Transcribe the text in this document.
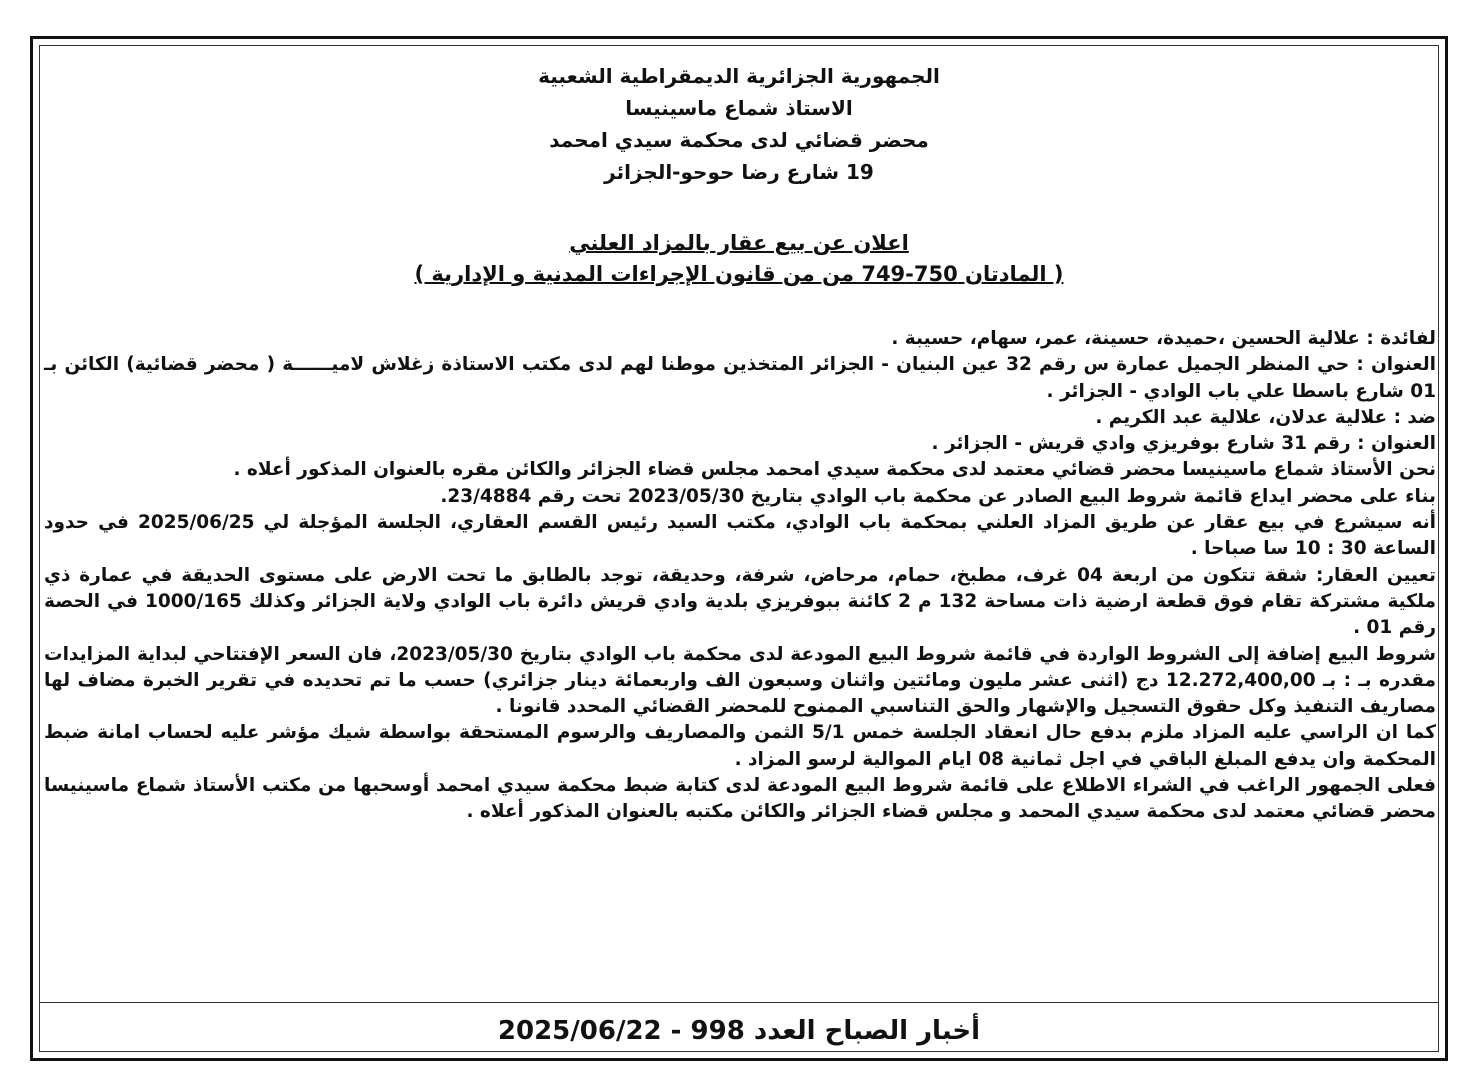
الجمهورية الجزائرية الديمقراطية الشعبية
الاستاذ شماع ماسينيسا
محضر قضائي لدى محكمة سيدي امحمد
19 شارع رضا حوحو-الجزائر
اعلان عن بيع عقار بالمزاد العلني
( المادتان 750-749 من من قانون الإجراءات المدنية و الإدارية )

لفائدة : علالية الحسين ،حميدة، حسينة، عمر، سهام، حسيبة .

العنوان : حي المنظر الجميل عمارة س رقم 32 عين البنيان - الجزائر المتخذين موطنا لهم لدى مكتب الاستاذة زغلاش لاميــــــة ( محضر قضائية) الكائن بـ 01 شارع باسطا علي باب الوادي - الجزائر .

ضد : علالية عدلان، علالية عبد الكريم .

العنوان : رقم 31 شارع بوفريزي وادي قريش - الجزائر .

نحن الأستاذ شماع ماسينيسا محضر قضائي معتمد لدى محكمة سيدي امحمد مجلس قضاء الجزائر والكائن مقره بالعنوان المذكور أعلاه .

بناء على محضر ايداع قائمة شروط البيع الصادر عن محكمة باب الوادي بتاريخ 2023/05/30 تحت رقم 23/4884.

أنه سيشرع في بيع عقار عن طريق المزاد العلني بمحكمة باب الوادي، مكتب السيد رئيس القسم العقاري، الجلسة المؤجلة لي 2025/06/25 في حدود الساعة 30 : 10 سا صباحا .

تعيين العقار: شقة تتكون من اربعة 04 غرف، مطبخ، حمام، مرحاض، شرفة، وحديقة، توجد بالطابق ما تحت الارض على مستوى الحديقة في عمارة ذي ملكية مشتركة تقام فوق قطعة ارضية ذات مساحة 132 م 2 كائنة ببوفريزي بلدية وادي قريش دائرة باب الوادي ولاية الجزائر وكذلك 1000/165 في الحصة رقم 01 .

شروط البيع إضافة إلى الشروط الواردة في قائمة شروط البيع المودعة لدى محكمة باب الوادي بتاريخ 2023/05/30، فان السعر الإفتتاحي لبداية المزايدات مقدره بـ : بـ 12.272,400,00 دج (اثنى عشر مليون ومائتين واثنان وسبعون الف واربعمائة دينار جزائري) حسب ما تم تحديده في تقرير الخبرة مضاف لها مصاريف التنفيذ وكل حقوق التسجيل والإشهار والحق التناسبي الممنوح للمحضر القضائي المحدد قانونا .

كما ان الراسي عليه المزاد ملزم بدفع حال انعقاد الجلسة خمس 5/1 الثمن والمصاريف والرسوم المستحقة بواسطة شيك مؤشر عليه لحساب امانة ضبط المحكمة وان يدفع المبلغ الباقي في اجل ثمانية 08 ايام الموالية لرسو المزاد .

فعلى الجمهور الراغب في الشراء الاطلاع على قائمة شروط البيع المودعة لدى كتابة ضبط محكمة سيدي امحمد أوسحبها من مكتب الأستاذ شماع ماسينيسا محضر قضائي معتمد لدى محكمة سيدي المحمد و مجلس قضاء الجزائر والكائن مكتبه بالعنوان المذكور أعلاه .

أخبار الصباح العدد 998 - 2025/06/22
